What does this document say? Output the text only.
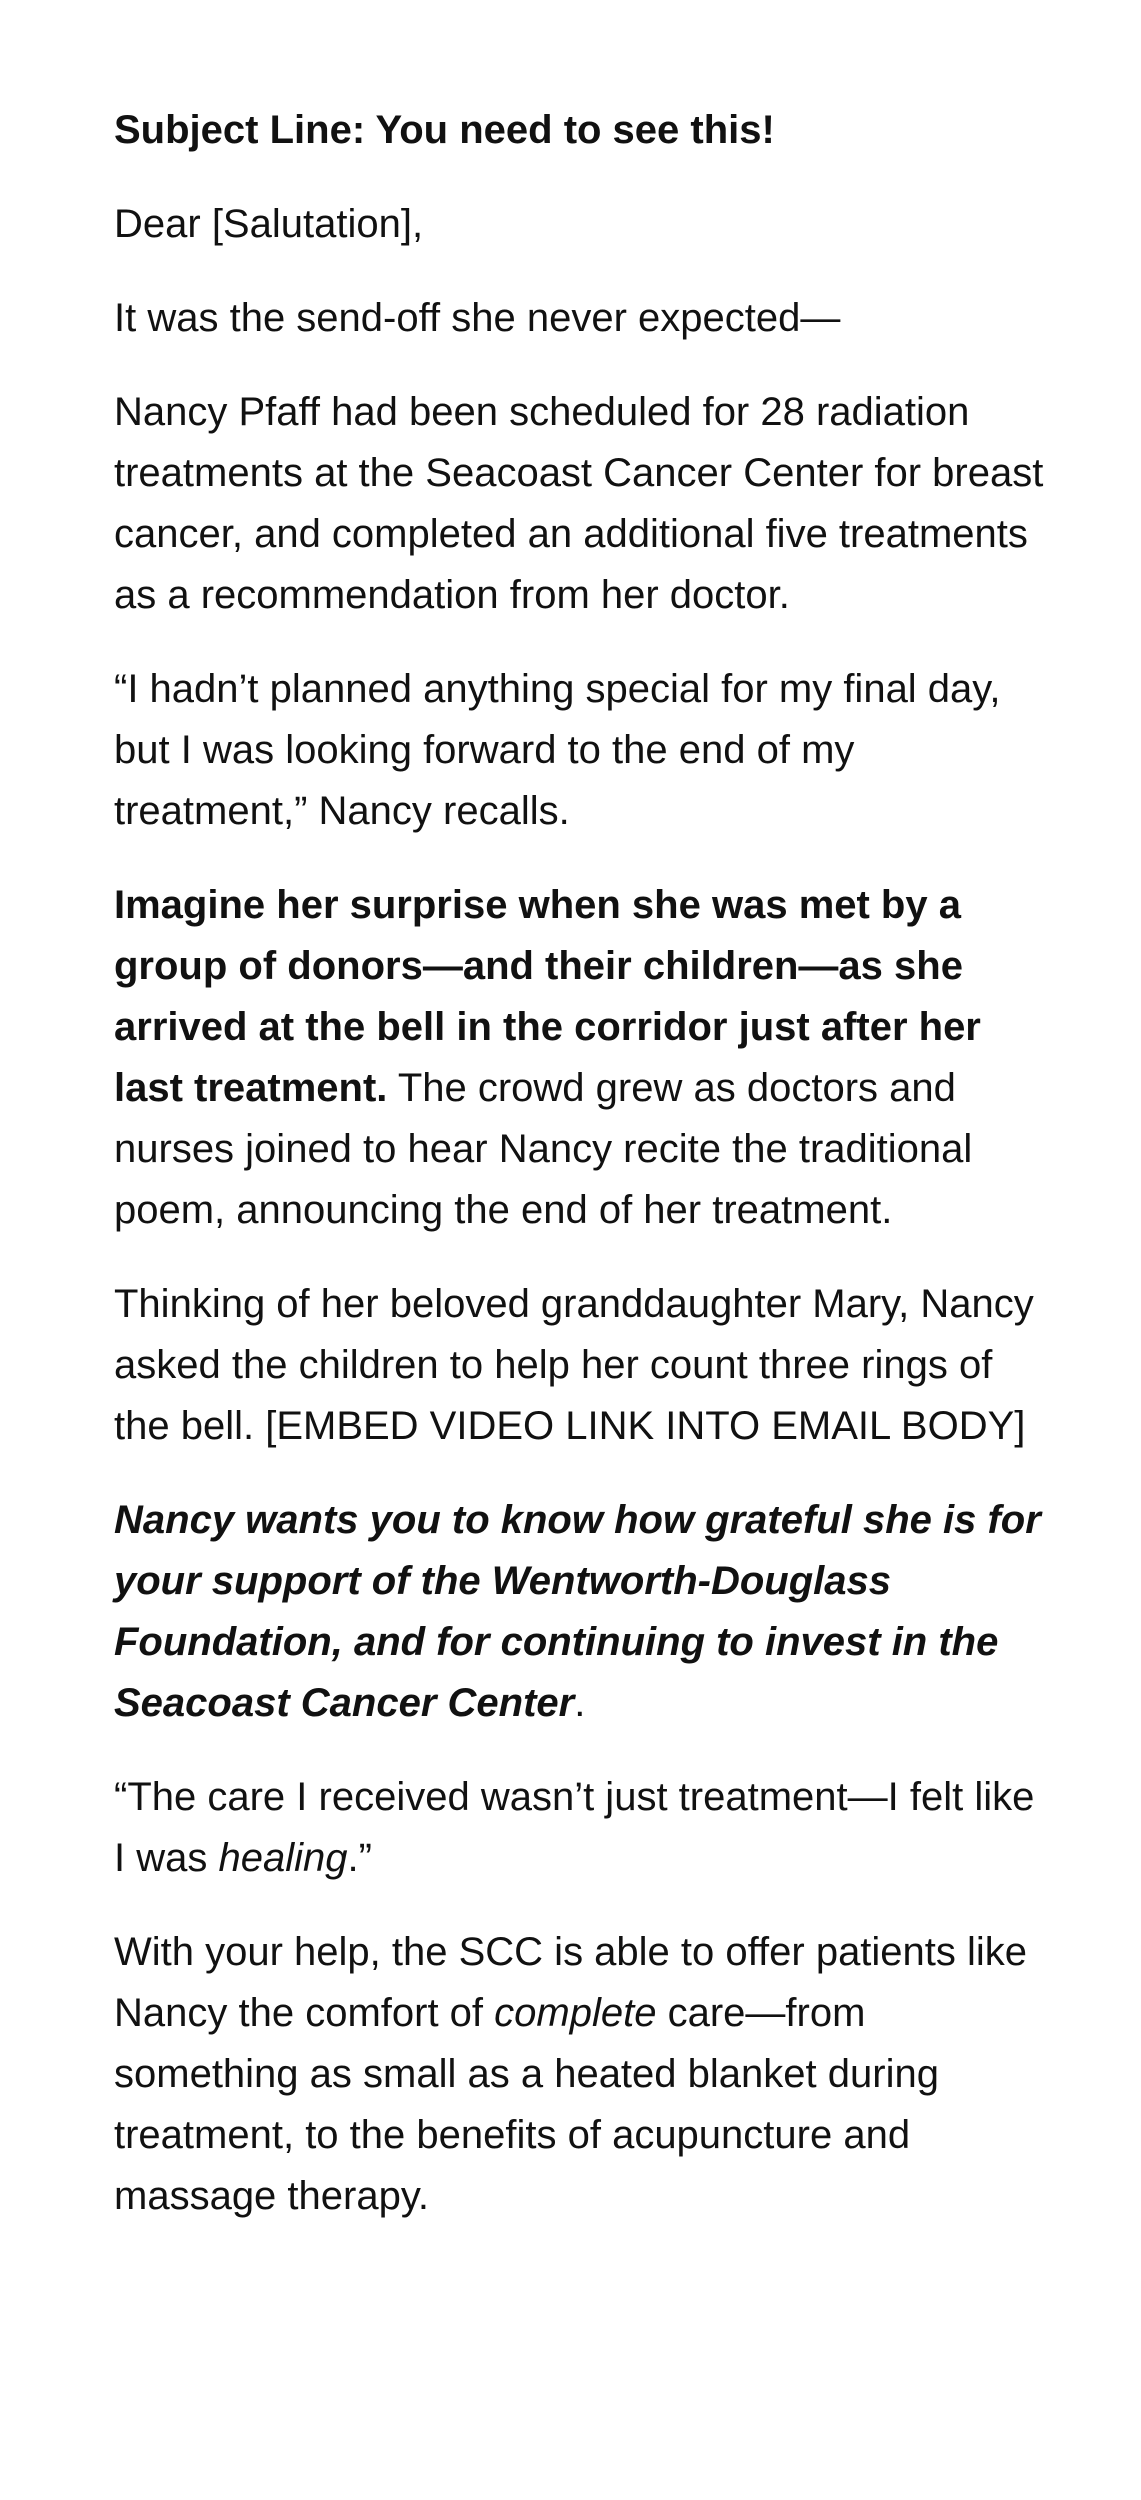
Subject Line: You need to see this!

Dear [Salutation],

It was the send-off she never expected—

Nancy Pfaff had been scheduled for 28 radiation treatments at the Seacoast Cancer Center for breast cancer, and completed an additional five treatments as a recommendation from her doctor.

“I hadn’t planned anything special for my final day, but I was looking forward to the end of my treatment,” Nancy recalls.

Imagine her surprise when she was met by a group of donors—and their children—as she arrived at the bell in the corridor just after her last treatment. The crowd grew as doctors and nurses joined to hear Nancy recite the traditional poem, announcing the end of her treatment.

Thinking of her beloved granddaughter Mary, Nancy asked the children to help her count three rings of the bell. [EMBED VIDEO LINK INTO EMAIL BODY]

Nancy wants you to know how grateful she is for your support of the Wentworth-Douglass Foundation, and for continuing to invest in the Seacoast Cancer Center.

“The care I received wasn’t just treatment—I felt like I was healing.”

With your help, the SCC is able to offer patients like Nancy the comfort of complete care—from something as small as a heated blanket during treatment, to the benefits of acupuncture and massage therapy.
